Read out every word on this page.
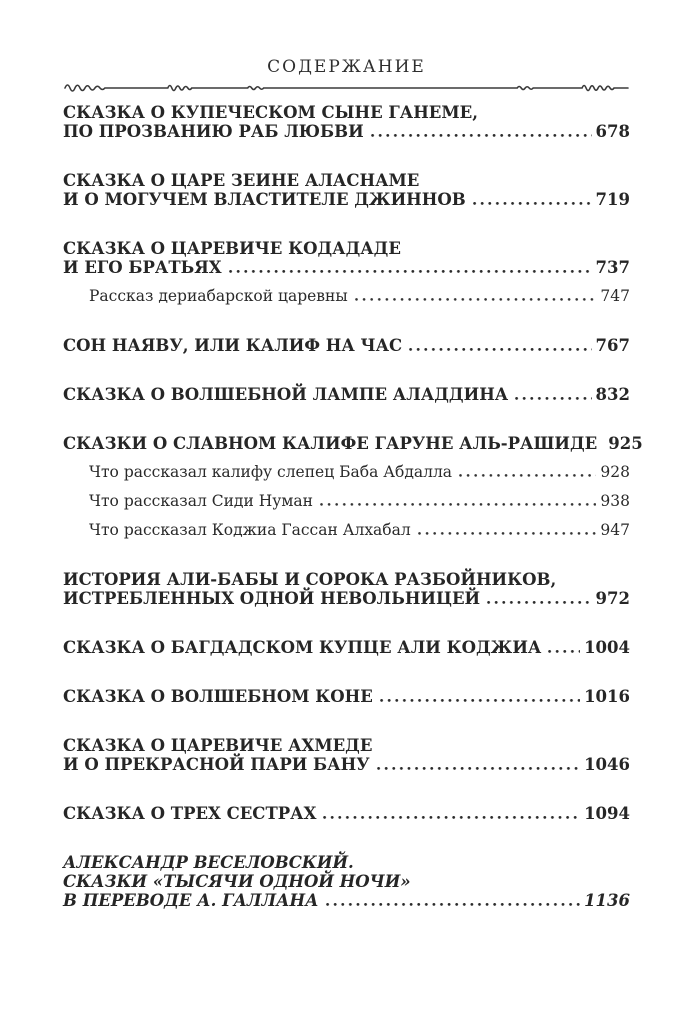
СОДЕРЖАНИЕ
СКАЗКА О КУПЕЧЕСКОМ СЫНЕ ГАНЕМЕ,
ПО ПРОЗВАНИЮ РАБ ЛЮБВИ	678
СКАЗКА О ЦАРЕ ЗЕИНЕ АЛАСНАМЕ
И О МОГУЧЕМ ВЛАСТИТЕЛЕ ДЖИННОВ	719
СКАЗКА О ЦАРЕВИЧЕ КОДАДАДЕ
И ЕГО БРАТЬЯХ	737
Рассказ дериабарской царевны	747
СОН НАЯВУ, ИЛИ КАЛИФ НА ЧАС	767
СКАЗКА О ВОЛШЕБНОЙ ЛАМПЕ АЛАДДИНА	832
СКАЗКИ О СЛАВНОМ КАЛИФЕ ГАРУНЕ АЛЬ-РАШИДЕ 925
Что рассказал калифу слепец Баба Абдалла	928
Что рассказал Сиди Нуман	938
Что рассказал Коджиа Гассан Алхабал	947
ИСТОРИЯ АЛИ-БАБЫ И СОРОКА РАЗБОЙНИКОВ,
ИСТРЕБЛЕННЫХ ОДНОЙ НЕВОЛЬНИЦЕЙ	972
СКАЗКА О БАГДАДСКОМ КУПЦЕ АЛИ КОДЖИА	1004
СКАЗКА О ВОЛШЕБНОМ КОНЕ	1016
СКАЗКА О ЦАРЕВИЧЕ АХМЕДЕ
И О ПРЕКРАСНОЙ ПАРИ БАНУ	1046
СКАЗКА О ТРЕХ СЕСТРАХ	1094
АЛЕКСАНДР ВЕСЕЛОВСКИЙ.
СКАЗКИ «ТЫСЯЧИ ОДНОЙ НОЧИ»
В ПЕРЕВОДЕ А. ГАЛЛАНА	1136
